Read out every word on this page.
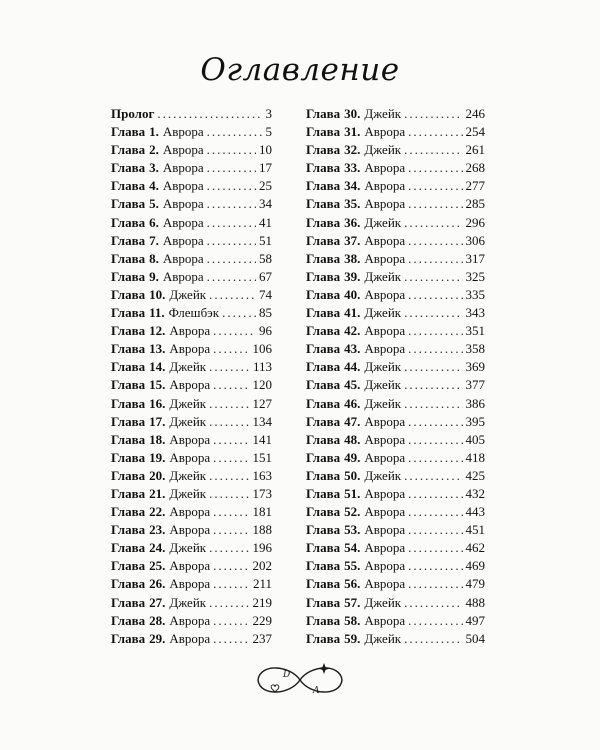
Оглавление
Пролог .....	3
Глава 1. Аврора .....	5
Глава 2. Аврора .....	10
Глава 3. Аврора .....	17
Глава 4. Аврора .....	25
Глава 5. Аврора .....	34
Глава 6. Аврора .....	41
Глава 7. Аврора .....	51
Глава 8. Аврора .....	58
Глава 9. Аврора .....	67
Глава 10. Джейк .....	74
Глава 11. Флешбэк .....	85
Глава 12. Аврора .....	96
Глава 13. Аврора .....	106
Глава 14. Джейк .....	113
Глава 15. Аврора .....	120
Глава 16. Джейк .....	127
Глава 17. Джейк .....	134
Глава 18. Аврора .....	141
Глава 19. Аврора .....	151
Глава 20. Джейк .....	163
Глава 21. Джейк .....	173
Глава 22. Аврора .....	181
Глава 23. Аврора .....	188
Глава 24. Джейк .....	196
Глава 25. Аврора .....	202
Глава 26. Аврора .....	211
Глава 27. Джейк .....	219
Глава 28. Аврора .....	229
Глава 29. Аврора .....	237
Глава 30. Джейк .....	246
Глава 31. Аврора .....	254
Глава 32. Джейк .....	261
Глава 33. Аврора .....	268
Глава 34. Аврора .....	277
Глава 35. Аврора .....	285
Глава 36. Джейк .....	296
Глава 37. Аврора .....	306
Глава 38. Аврора .....	317
Глава 39. Джейк .....	325
Глава 40. Аврора .....	335
Глава 41. Джейк .....	343
Глава 42. Аврора .....	351
Глава 43. Аврора .....	358
Глава 44. Джейк .....	369
Глава 45. Джейк .....	377
Глава 46. Джейк .....	386
Глава 47. Аврора .....	395
Глава 48. Аврора .....	405
Глава 49. Аврора .....	418
Глава 50. Джейк .....	425
Глава 51. Аврора .....	432
Глава 52. Аврора .....	443
Глава 53. Аврора .....	451
Глава 54. Аврора .....	462
Глава 55. Аврора .....	469
Глава 56. Аврора .....	479
Глава 57. Джейк .....	488
Глава 58. Аврора .....	497
Глава 59. Джейк .....	504
D
A
